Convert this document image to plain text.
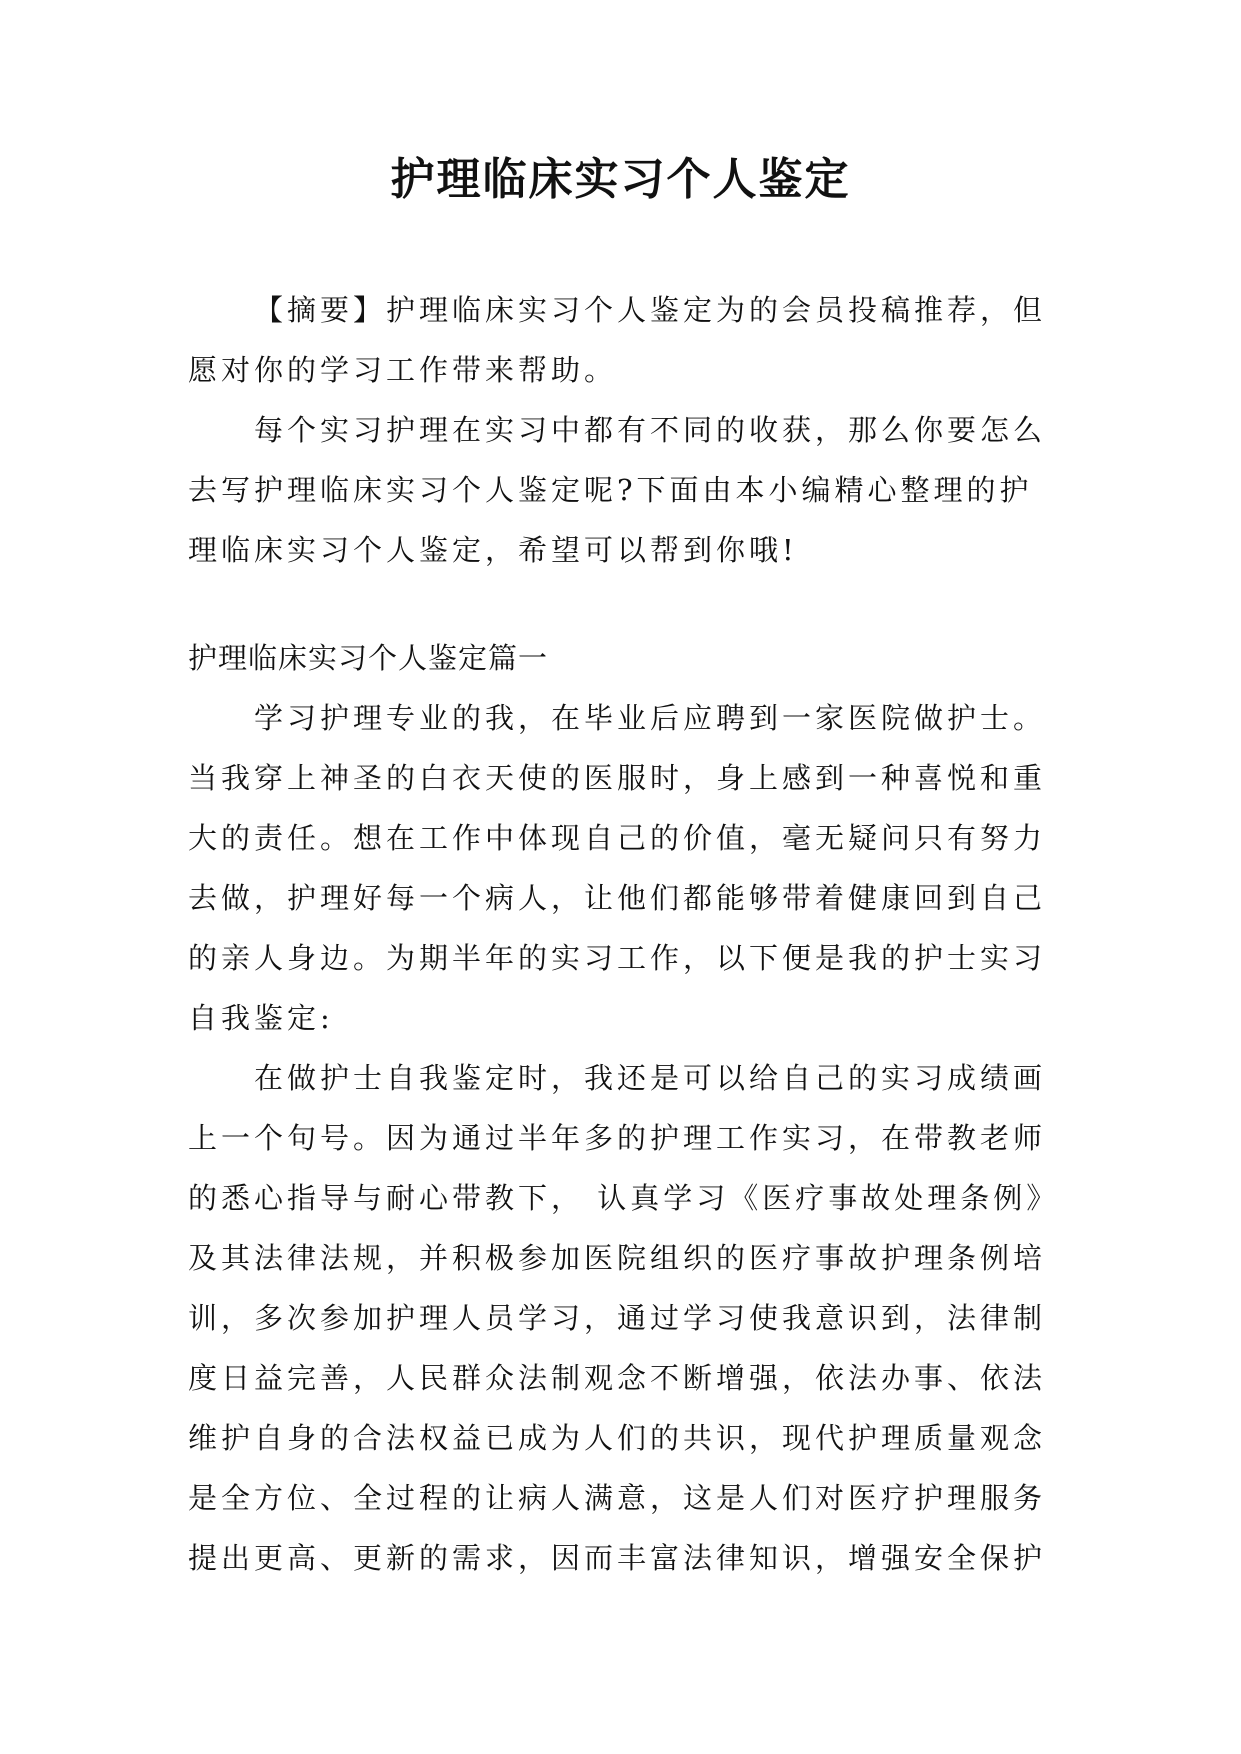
护理临床实习个人鉴定
【摘要】护理临床实习个人鉴定为的会员投稿推荐，但
愿对你的学习工作带来帮助。
每个实习护理在实习中都有不同的收获，那么你要怎么
去写护理临床实习个人鉴定呢?下面由本小编精心整理的护
理临床实习个人鉴定，希望可以帮到你哦!
护理临床实习个人鉴定篇一
学习护理专业的我，在毕业后应聘到一家医院做护士。
当我穿上神圣的白衣天使的医服时，身上感到一种喜悦和重
大的责任。想在工作中体现自己的价值，毫无疑问只有努力
去做，护理好每一个病人，让他们都能够带着健康回到自己
的亲人身边。为期半年的实习工作，以下便是我的护士实习
自我鉴定:
在做护士自我鉴定时，我还是可以给自己的实习成绩画
上一个句号。因为通过半年多的护理工作实习，在带教老师
的悉心指导与耐心带教下， 认真学习《医疗事故处理条例》
及其法律法规，并积极参加医院组织的医疗事故护理条例培
训，多次参加护理人员学习，通过学习使我意识到，法律制
度日益完善，人民群众法制观念不断增强，依法办事、依法
维护自身的合法权益已成为人们的共识，现代护理质量观念
是全方位、全过程的让病人满意，这是人们对医疗护理服务
提出更高、更新的需求，因而丰富法律知识，增强安全保护
